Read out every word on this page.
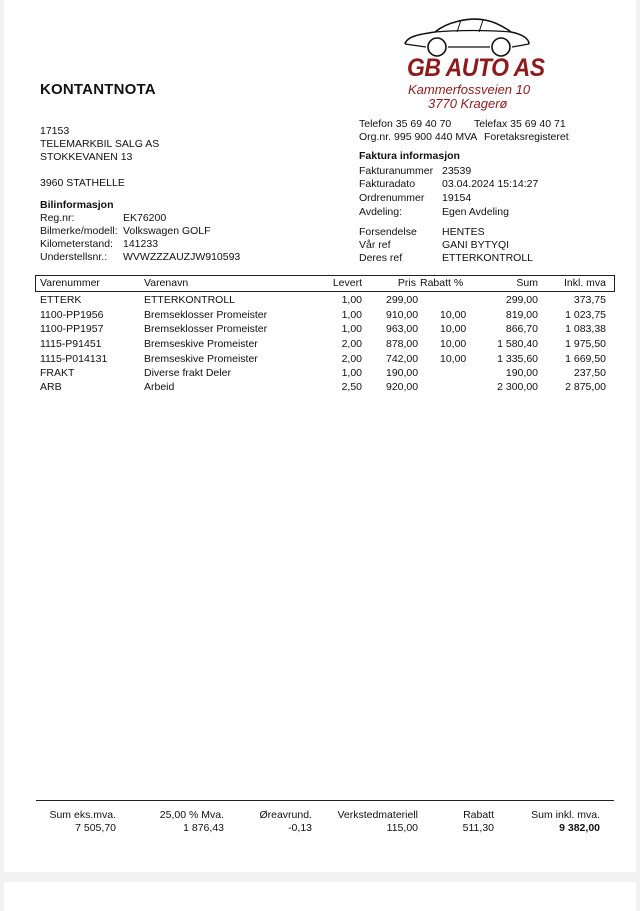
GB AUTO AS
Kammerfossveien 10
3770 Kragerø
KONTANTNOTA
17153
TELEMARKBIL SALG AS
STOKKEVANEN 13
3960 STATHELLE
Bilinformasjon
Reg.nr:	EK76200
Bilmerke/modell: Volkswagen GOLF
Kilometerstand: 141233
Understellsnr.: WVWZZZAUZJW910593
Telefon 35 69 40 70 Telefax 35 69 40 71
Org.nr. 995 900 440 MVA Foretaksregisteret
Faktura informasjon
Fakturanummer 23539
Fakturadato	03.04.2024 15:14:27
Ordrenummer 19154
Avdeling:	Egen Avdeling
Forsendelse HENTES
Vår ref	GANI BYTYQI
Deres ref	ETTERKONTROLL
Varenummer	Varenavn	Levert	Pris Rabatt %	Sum Inkl. mva
ETTERK	ETTERKONTROLL	1,00 299,00	299,00	373,75
1100-PP1956	Bremseklosser Promeister	1,00 910,00 10,00	819,00	1 023,75
1100-PP1957	Bremseklosser Promeister	1,00 963,00 10,00	866,70	1 083,38
1115-P91451	Bremseskive Promeister	2,00 878,00 10,00	1 580,40	1 975,50
1115-P014131	Bremseskive Promeister	2,00 742,00 10,00	1 335,60	1 669,50
FRAKT	Diverse frakt Deler	1,00 190,00	190,00	237,50
ARB	Arbeid	2,50 920,00	2 300,00	2 875,00
Sum eks.mva.
7 505,70
25,00 % Mva.
1 876,43
Øreavrund.
-0,13
Verkstedmateriell
115,00
Rabatt
511,30
Sum inkl. mva.
9 382,00
